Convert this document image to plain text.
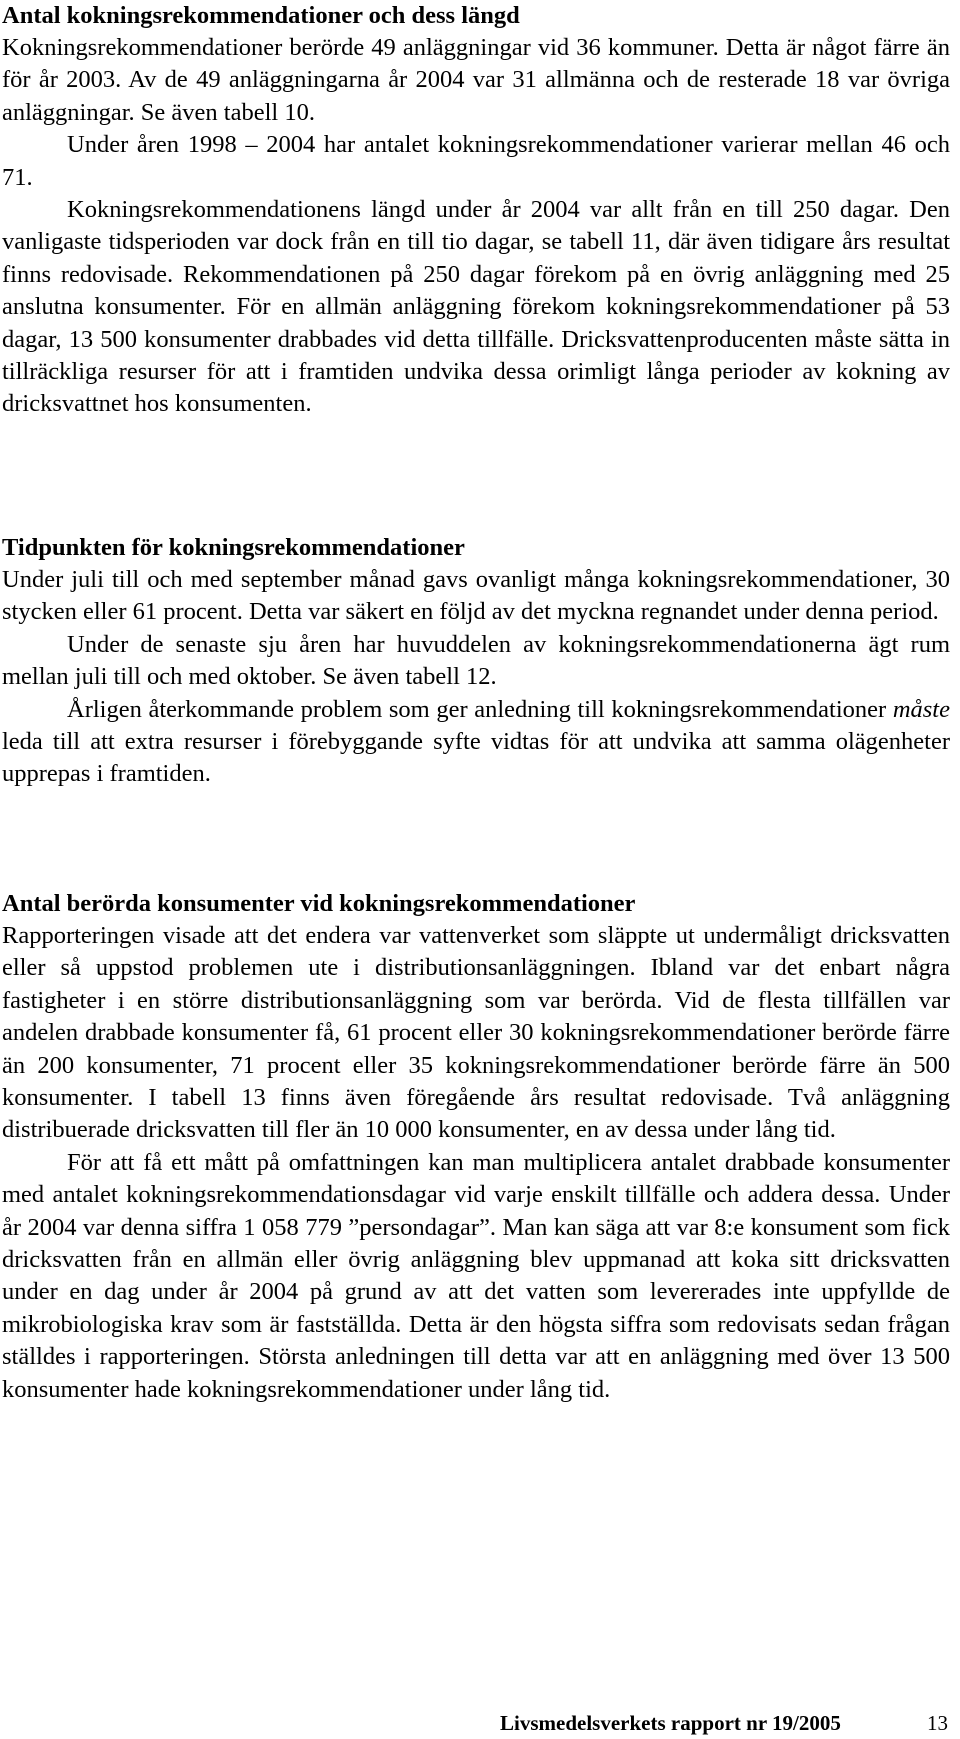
Antal kokningsrekommendationer och dess längd

Kokningsrekommendationer berörde 49 anläggningar vid 36 kommuner. Detta är något färre än för år 2003. Av de 49 anläggningarna år 2004 var 31 allmänna och de resterade 18 var övriga anläggningar. Se även tabell 10.

Under åren 1998 – 2004 har antalet kokningsrekommendationer varierar mellan 46 och 71.

Kokningsrekommendationens längd under år 2004 var allt från en till 250 dagar. Den vanligaste tidsperioden var dock från en till tio dagar, se tabell 11, där även tidigare års resultat finns redovisade. Rekommendationen på 250 dagar förekom på en övrig anläggning med 25 anslutna konsumenter. För en allmän anläggning förekom kokningsrekommendationer på 53 dagar, 13 500 konsumenter drabbades vid detta tillfälle. Dricksvattenproducenten måste sätta in tillräckliga resurser för att i framtiden undvika dessa orimligt långa perioder av kokning av dricksvattnet hos konsumenten.

Tidpunkten för kokningsrekommendationer

Under juli till och med september månad gavs ovanligt många kokningsrekommendationer, 30 stycken eller 61 procent. Detta var säkert en följd av det myckna regnandet under denna period.

Under de senaste sju åren har huvuddelen av kokningsrekommendationerna ägt rum mellan juli till och med oktober. Se även tabell 12.

Årligen återkommande problem som ger anledning till kokningsrekommendationer måste leda till att extra resurser i förebyggande syfte vidtas för att undvika att samma olägenheter upprepas i framtiden.

Antal berörda konsumenter vid kokningsrekommendationer

Rapporteringen visade att det endera var vattenverket som släppte ut undermåligt dricksvatten eller så uppstod problemen ute i distributionsanläggningen. Ibland var det enbart några fastigheter i en större distributionsanläggning som var berörda. Vid de flesta tillfällen var andelen drabbade konsumenter få, 61 procent eller 30 kokningsrekommendationer berörde färre än 200 konsumenter, 71 procent eller 35 kokningsrekommendationer berörde färre än 500 konsumenter. I tabell 13 finns även föregående års resultat redovisade. Två anläggning distribuerade dricksvatten till fler än 10 000 konsumenter, en av dessa under lång tid.

För att få ett mått på omfattningen kan man multiplicera antalet drabbade konsumenter med antalet kokningsrekommendationsdagar vid varje enskilt tillfälle och addera dessa. Under år 2004 var denna siffra 1 058 779 ”persondagar”. Man kan säga att var 8:e konsument som fick dricksvatten från en allmän eller övrig anläggning blev uppmanad att koka sitt dricksvatten under en dag under år 2004 på grund av att det vatten som levererades inte uppfyllde de mikrobiologiska krav som är fastställda. Detta är den högsta siffra som redovisats sedan frågan ställdes i rapporteringen. Största anledningen till detta var att en anläggning med över 13 500 konsumenter hade kokningsrekommendationer under lång tid.

Livsmedelsverkets rapport nr 19/2005	13
